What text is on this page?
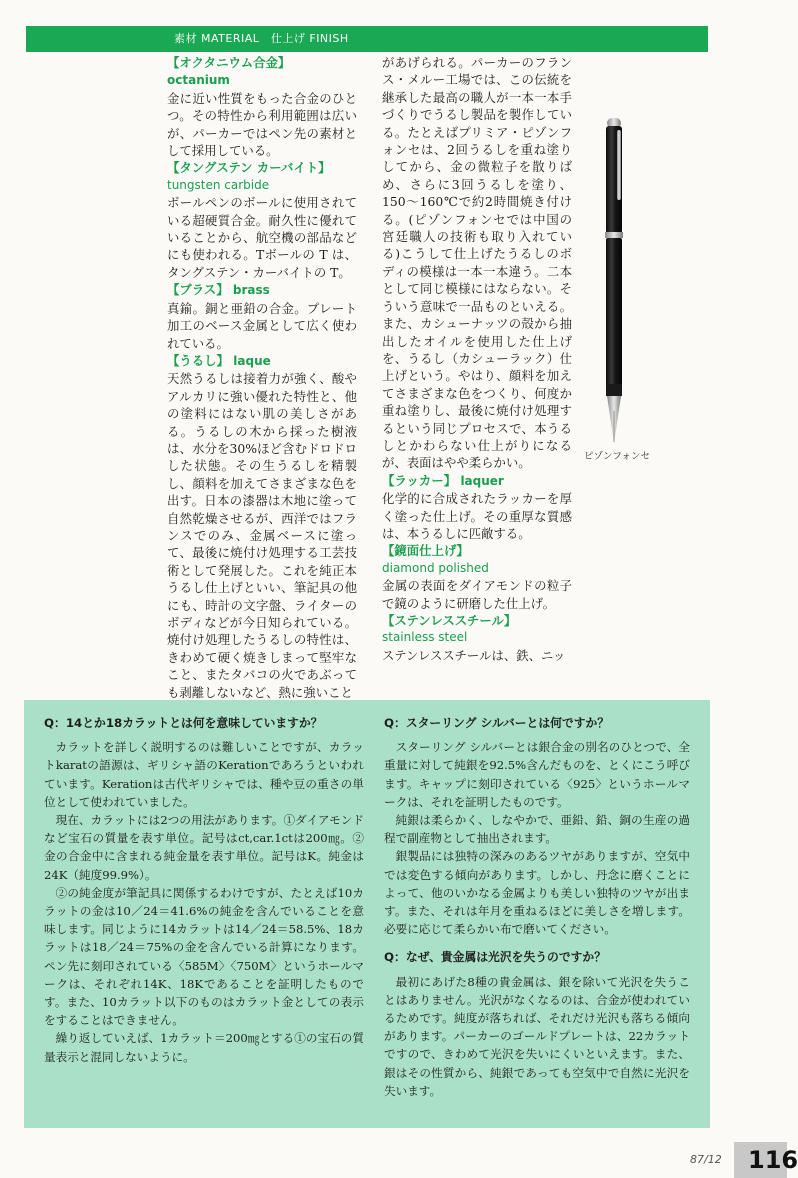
素材 MATERIAL　仕上げ FINISH
【オクタニウム合金】 octanium
金に近い性質をもった合金のひとつ。その特性から利用範囲は広いが、パーカーではペン先の素材として採用している。
【タングステン カーバイト】
tungsten carbide
ボールペンのボールに使用されている超硬質合金。耐久性に優れていることから、航空機の部品などにも使われる。Tボールの T は、タングステン・カーバイトの T。
【ブラス】 brass
真鍮。銅と亜鉛の合金。プレート加工のベース金属として広く使われている。
【うるし】 laque
天然うるしは接着力が強く、酸やアルカリに強い優れた特性と、他の塗料にはない肌の美しさがある。うるしの木から採った樹液は、水分を30%ほど含むドロドロした状態。その生うるしを精製し、顔料を加えてさまざまな色を出す。日本の漆器は木地に塗って自然乾燥させるが、西洋ではフランスでのみ、金属ベースに塗って、最後に焼付け処理する工芸技術として発展した。これを純正本うるし仕上げといい、筆記具の他にも、時計の文字盤、ライターのボディなどが今日知られている。焼付け処理したうるしの特性は、きわめて硬く焼きしまって堅牢なこと、またタバコの火であぶっても剥離しないなど、熱に強いこと
があげられる。パーカーのフランス・メルー工場では、この伝統を継承した最高の職人が一本一本手づくりでうるし製品を製作している。たとえばプリミア・ピゾンフォンセは、2回うるしを重ね塗りしてから、金の微粒子を散りばめ、さらに3回うるしを塗り、150〜160℃で約2時間焼き付ける。(ピゾンフォンセでは中国の宮廷職人の技術も取り入れている)こうして仕上げたうるしのボディの模様は一本一本違う。二本として同じ模様にはならない。そういう意味で一品ものといえる。また、カシューナッツの殻から抽出したオイルを使用した仕上げを、うるし（カシューラック）仕上げという。やはり、顔料を加えてさまざまな色をつくり、何度か重ね塗りし、最後に焼付け処理するという同じプロセスで、本うるしとかわらない仕上がりになるが、表面はやや柔らかい。
【ラッカー】 laquer
化学的に合成されたラッカーを厚く塗った仕上げ。その重厚な質感は、本うるしに匹敵する。
【鏡面仕上げ】
diamond polished
金属の表面をダイアモンドの粒子で鏡のように研磨した仕上げ。
【ステンレススチール】
stainless steel
ステンレススチールは、鉄、ニッ
ピゾンフォンセ
Q：14とか18カラットとは何を意味していますか？
カラットを詳しく説明するのは難しいことですが、カラットkaratの語源は、ギリシャ語のKerationであろうといわれています。Kerationは古代ギリシャでは、種や豆の重さの単位として使われていました。
現在、カラットには2つの用法があります。①ダイアモンドなど宝石の質量を表す単位。記号はct,car.1ctは200㎎。②金の合金中に含まれる純金量を表す単位。記号はK。純金は24K（純度99.9%）。
②の純金度が筆記具に関係するわけですが、たとえば10カラットの金は10／24＝41.6%の純金を含んでいることを意味します。同じように14カラットは14／24＝58.5%、18カラットは18／24＝75%の金を含んでいる計算になります。ペン先に刻印されている〈585M〉〈750M〉というホールマークは、それぞれ14K、18Kであることを証明したものです。また、10カラット以下のものはカラット金としての表示をすることはできません。
繰り返していえば、1カラット＝200㎎とする①の宝石の質量表示と混同しないように。
Q：スターリング シルバーとは何ですか？
スターリング シルバーとは銀合金の別名のひとつで、全重量に対して純銀を92.5%含んだものを、とくにこう呼びます。キャップに刻印されている〈925〉というホールマークは、それを証明したものです。
純銀は柔らかく、しなやかで、亜鉛、鉛、銅の生産の過程で副産物として抽出されます。
銀製品には独特の深みのあるツヤがありますが、空気中では変色する傾向があります。しかし、丹念に磨くことによって、他のいかなる金属よりも美しい独特のツヤが出ます。また、それは年月を重ねるほどに美しさを増します。必要に応じて柔らかい布で磨いてください。
Q：なぜ、貴金属は光沢を失うのですか？
最初にあげた8種の貴金属は、銀を除いて光沢を失うことはありません。光沢がなくなるのは、合金が使われているためです。純度が落ちれば、それだけ光沢も落ちる傾向があります。パーカーのゴールドプレートは、22カラットですので、きわめて光沢を失いにくいといえます。また、銀はその性質から、純銀であっても空気中で自然に光沢を失います。
87/12	116
